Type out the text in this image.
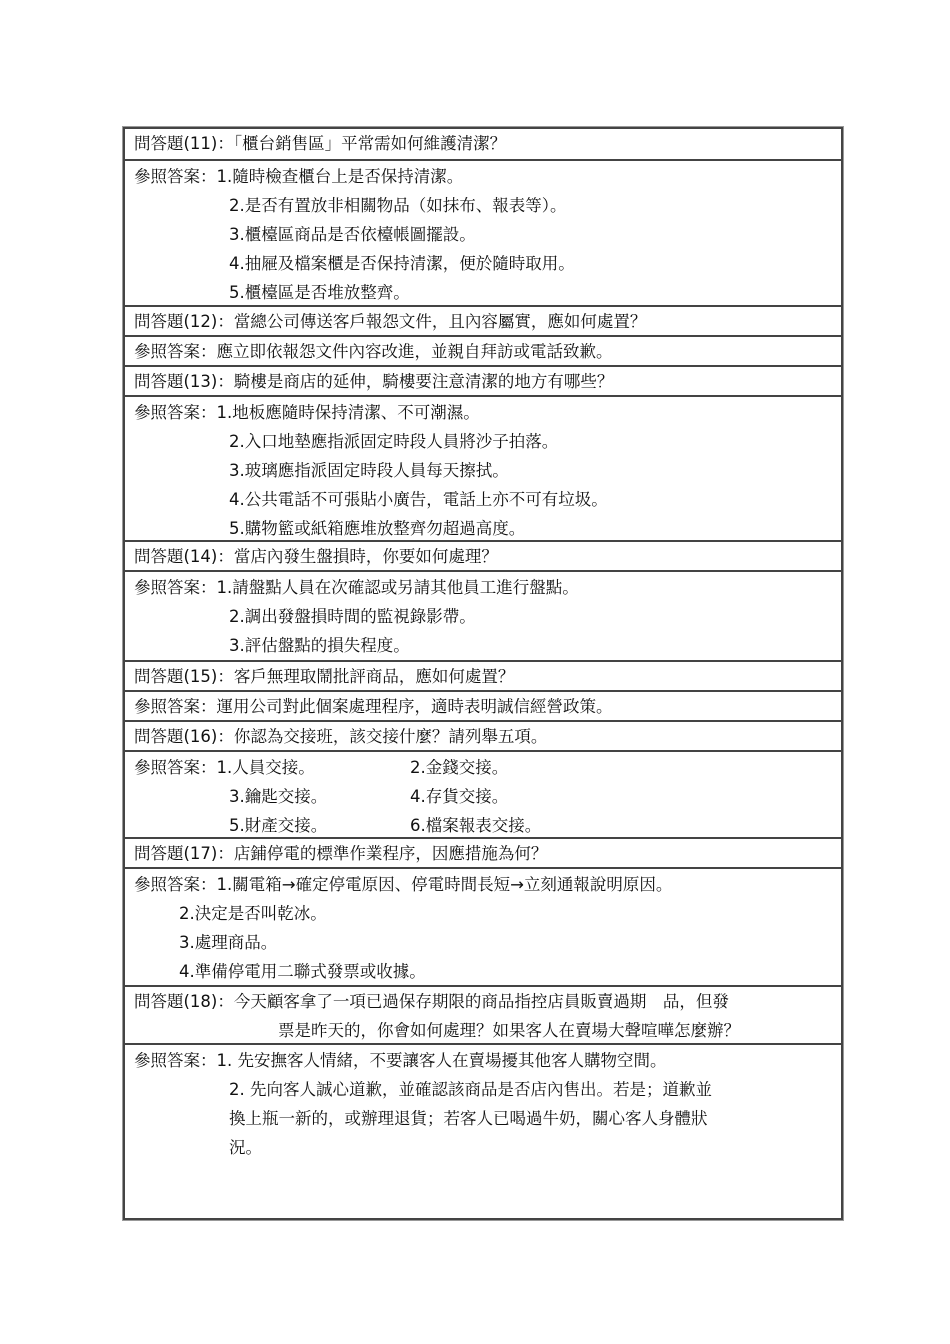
問答題(11)：「櫃台銷售區」平常需如何維護清潔？
參照答案：1.隨時檢查櫃台上是否保持清潔。
2.是否有置放非相關物品（如抹布、報表等）。
3.櫃檯區商品是否依檯帳圖擺設。
4.抽屜及檔案櫃是否保持清潔，便於隨時取用。
5.櫃檯區是否堆放整齊。
問答題(12)：當總公司傳送客戶報怨文件，且內容屬實，應如何處置？
參照答案：應立即依報怨文件內容改進，並親自拜訪或電話致歉。
問答題(13)：騎樓是商店的延伸，騎樓要注意清潔的地方有哪些？
參照答案：1.地板應隨時保持清潔、不可潮濕。
2.入口地墊應指派固定時段人員將沙子拍落。
3.玻璃應指派固定時段人員每天擦拭。
4.公共電話不可張貼小廣告，電話上亦不可有垃圾。
5.購物籃或紙箱應堆放整齊勿超過高度。
問答題(14)：當店內發生盤損時，你要如何處理？
參照答案：1.請盤點人員在次確認或另請其他員工進行盤點。
2.調出發盤損時間的監視錄影帶。
3.評估盤點的損失程度。
問答題(15)：客戶無理取鬧批評商品，應如何處置？
參照答案：運用公司對此個案處理程序，適時表明誠信經營政策。
問答題(16)：你認為交接班，該交接什麼？請列舉五項。
參照答案：1.人員交接。	2.金錢交接。
3.鑰匙交接。	4.存貨交接。
5.財產交接。	6.檔案報表交接。
問答題(17)：店鋪停電的標準作業程序，因應措施為何？
參照答案：1.關電箱→確定停電原因、停電時間長短→立刻通報說明原因。
2.決定是否叫乾冰。
3.處理商品。
4.準備停電用二聯式發票或收據。
問答題(18)：今天顧客拿了一項已過保存期限的商品指控店員販賣過期　品，但發
票是昨天的，你會如何處理？如果客人在賣場大聲喧嘩怎麼辦？
參照答案：1. 先安撫客人情緒，不要讓客人在賣場擾其他客人購物空間。
2. 先向客人誠心道歉，並確認該商品是否店內售出。若是；道歉並
換上瓶一新的，或辦理退貨；若客人已喝過牛奶，關心客人身體狀
況。
